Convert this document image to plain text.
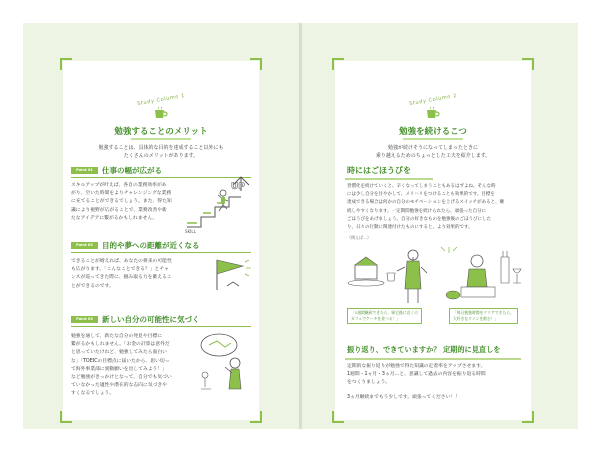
Study Column 1
勉強することのメリット
勉強することは、具体的な目的を達成すること以外にも
たくさんのメリットがあります。
Point 01	仕事の幅が広がる
スキルアップが叶えば、各自の業務効率があ
がり、空いた時間をよりチャレンジングな業務
に充てることができるでしょう。また、得た知
識により視野が広がることで、業務改善や新
たなアイデアに繋がるかもしれません。
UP
SKILL
Point 02	目的や夢への距離が近くなる
できることが増えれば、あなたの将来の可能性
も広がります。「こんなことできる？」とチャ
ンスが巡ってきた際に、掴み取る力を蓄えるこ
とができるのです。
Point 03	新しい自分の可能性に気づく
勉強を通して、新たな自分の発見や目標に
繋がるかもしれません。「お金の計算は意外だ
と思っていたけれど、勉強してみたら面白い
な」「TOEICの目標点に届いたから、思い切っ
て海外事業部に異動願いを出してみよう！」
など勉強がきっかけとなって、自分でも気づい
ていなかった適性や潜在的な志向に気づきや
すくなるでしょう。
Study Column 2
勉強を続けるこつ
勉強が続けそうになってしまったときに
乗り越えるためのちょっとした工夫を紹介します。
時にはごほうびを
習慣化を続けていくと、辛くなってしまうこともあるはずよね。そんな時
には少し自分を甘やかして、メリハリをつけることも効果的です。目標を
達成できる場合は何かの自分のモチベーションを上げるスイッチがあると、継
続しやすくなります。一定期間勉強を続けられたら、頑張った自分に
ごほうびをあげましょう。自分の好きなものを勉強後のごほうびにした
り、日々の行動に関連付けたものにすると、より効果的です。
（例えば…）
「1週間継続できたら、帰宅後に近くの
カフェでケーキを食べる！」
「毎日勉強時間をクリアできたら、
大好きなワインを飲む！」
振り返り、できていますか？ 定期的に見直しを
定期的な振り返りが勉強で得た知識の定着率をアップさせます。
1週間・1ヵ月・3ヵ月…と、意識して過去の内容を振り返る時間
をつくりましょう。
3ヵ月継続までもう少しです。頑張ってください！！
